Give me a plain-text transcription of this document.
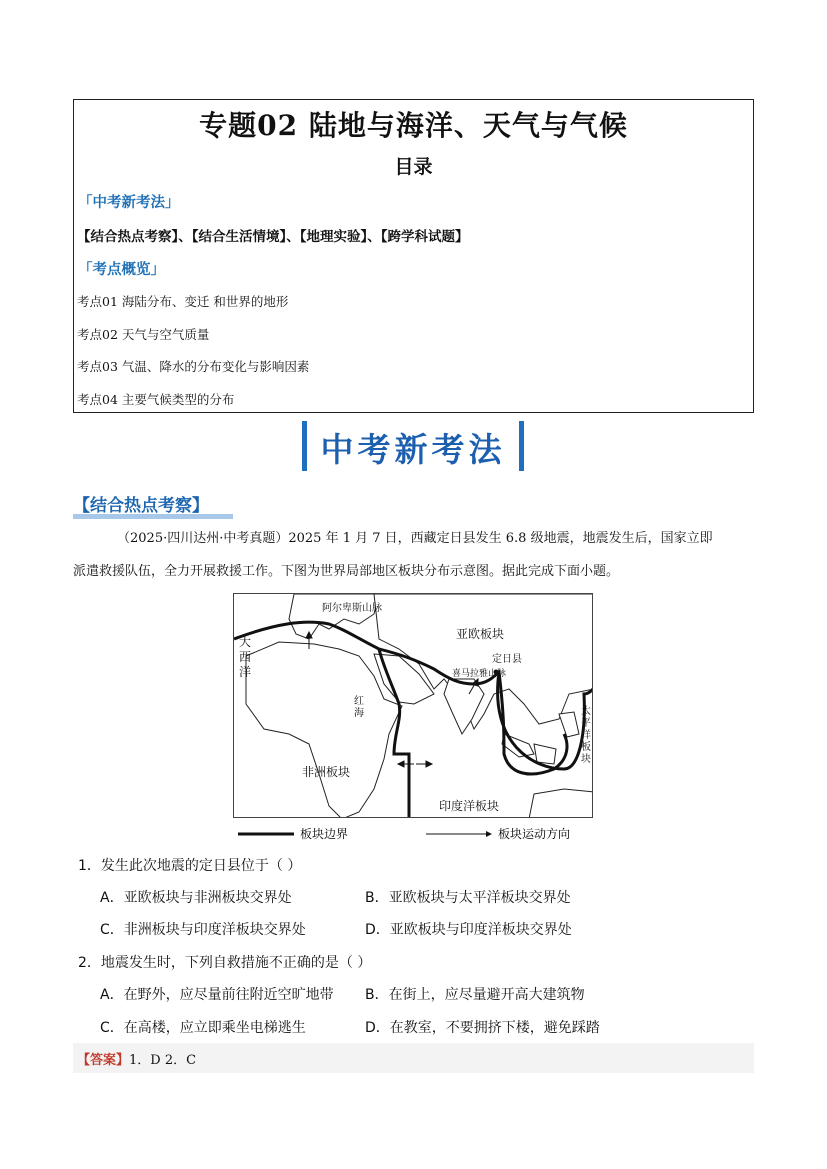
专题02 陆地与海洋、天气与气候
目录
「中考新考法」
【结合热点考察】、【结合生活情境】、【地理实验】、【跨学科试题】
「考点概览」
考点01 海陆分布、变迁 和世界的地形
考点02 天气与空气质量
考点03 气温、降水的分布变化与影响因素
考点04 主要气候类型的分布
中考新考法
【结合热点考察】
（2025·四川达州·中考真题）2025 年 1 月 7 日，西藏定日县发生 6.8 级地震，地震发生后，国家立即
派遣救援队伍，全力开展救援工作。下图为世界局部地区板块分布示意图。据此完成下面小题。
大
西
洋
阿尔卑斯山脉
亚欧板块
定日县
喜马拉雅山脉
红
海
非洲板块
印度洋板块
太
平
洋
板
块
板块边界	板块运动方向
1．发生此次地震的定日县位于（ ）
A．亚欧板块与非洲板块交界处	B．亚欧板块与太平洋板块交界处
C．非洲板块与印度洋板块交界处	D．亚欧板块与印度洋板块交界处
2．地震发生时，下列自救措施不正确的是（ ）
A．在野外，应尽量前往附近空旷地带 B．在街上，应尽量避开高大建筑物
C．在高楼，应立即乘坐电梯逃生	D．在教室，不要拥挤下楼，避免踩踏
【答案】1．D 2．C
